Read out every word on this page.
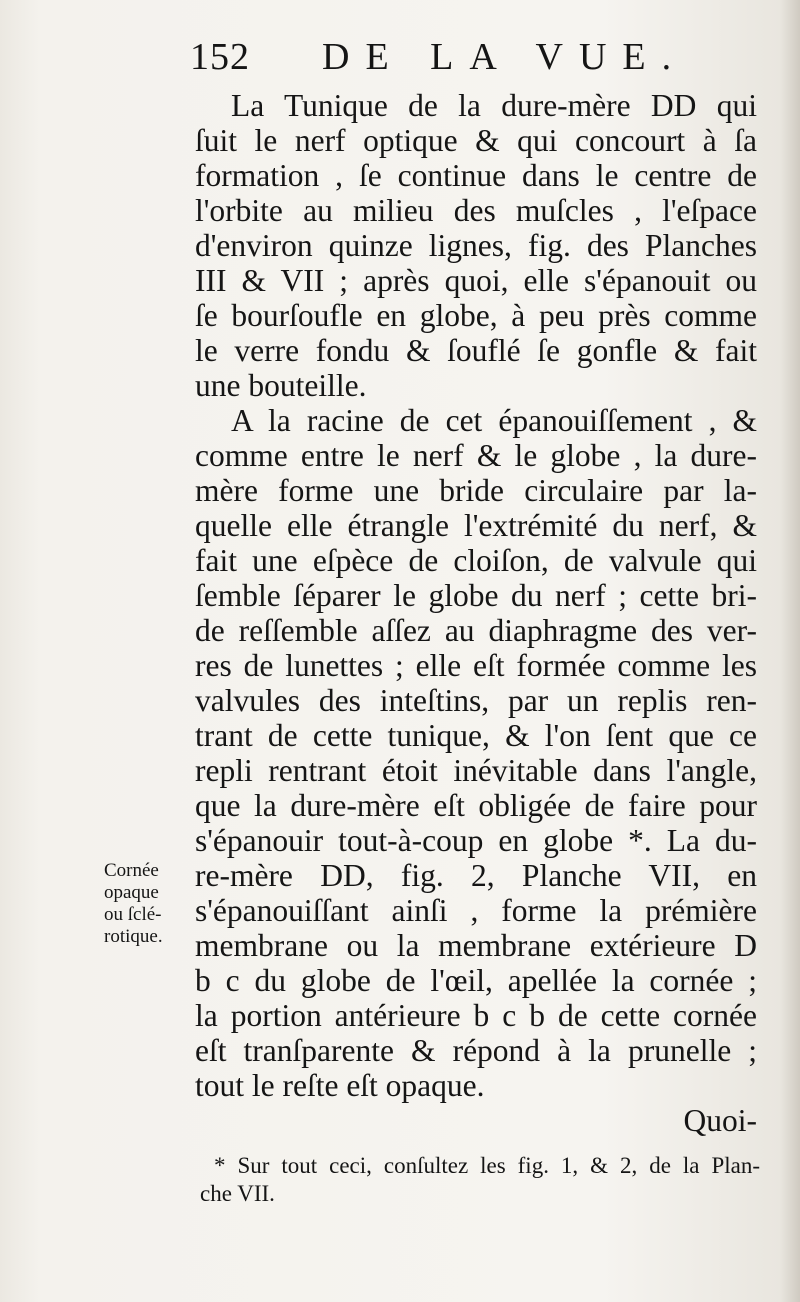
152 DE LA VUE.
La Tunique de la dure-mère DD qui
ſuit le nerf optique & qui concourt à ſa
formation , ſe continue dans le centre de
l'orbite au milieu des muſcles , l'eſpace
d'environ quinze lignes, fig. des Planches
III & VII ; après quoi, elle s'épanouit ou
ſe bourſoufle en globe, à peu près comme
le verre fondu & ſouflé ſe gonfle & fait
une bouteille.
A la racine de cet épanouiſſement , &
comme entre le nerf & le globe , la dure-
mère forme une bride circulaire par la-
quelle elle étrangle l'extrémité du nerf, &
fait une eſpèce de cloiſon, de valvule qui
ſemble ſéparer le globe du nerf ; cette bri-
de reſſemble aſſez au diaphragme des ver-
res de lunettes ; elle eſt formée comme les
valvules des inteſtins, par un replis ren-
trant de cette tunique, & l'on ſent que ce
repli rentrant étoit inévitable dans l'angle,
que la dure-mère eſt obligée de faire pour
s'épanouir tout-à-coup en globe *. La du-
re-mère DD, fig. 2, Planche VII, en
s'épanouiſſant ainſi , forme la prémière
membrane ou la membrane extérieure D
b c du globe de l'œil, apellée la cornée ;
la portion antérieure b c b de cette cornée
eſt tranſparente & répond à la prunelle ;
tout le reſte eſt opaque.
Quoi-
Cornée
opaque
ou ſclé-
rotique.
* Sur tout ceci, conſultez les fig. 1, & 2, de la Plan-
che VII.
